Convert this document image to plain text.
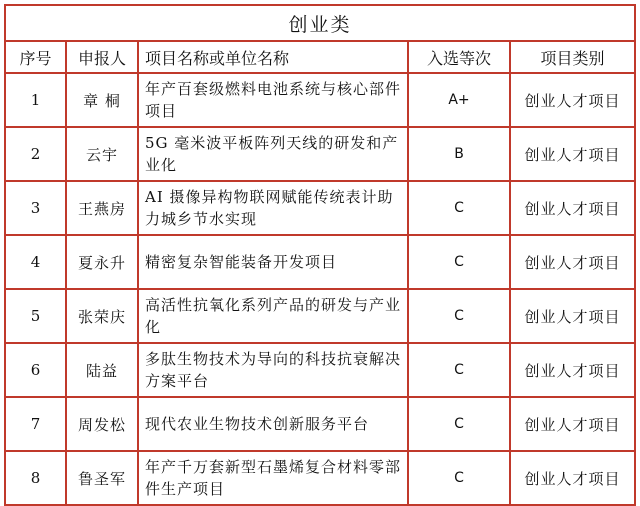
创业类				
序号	申报人	项目名称或单位名称	入选等次	项目类别
1	章 桐	年产百套级燃料电池系统与核心部件项目	A+	创业人才项目
2	云宇	5G 毫米波平板阵列天线的研发和产业化	B	创业人才项目
3	王燕房	AI 摄像异构物联网赋能传统表计助力城乡节水实现	C	创业人才项目
4	夏永升	精密复杂智能装备开发项目	C	创业人才项目
5	张荣庆	高活性抗氧化系列产品的研发与产业化	C	创业人才项目
6	陆益	多肽生物技术为导向的科技抗衰解决方案平台	C	创业人才项目
7	周发松	现代农业生物技术创新服务平台	C	创业人才项目
8	鲁圣军	年产千万套新型石墨烯复合材料零部件生产项目	C	创业人才项目
